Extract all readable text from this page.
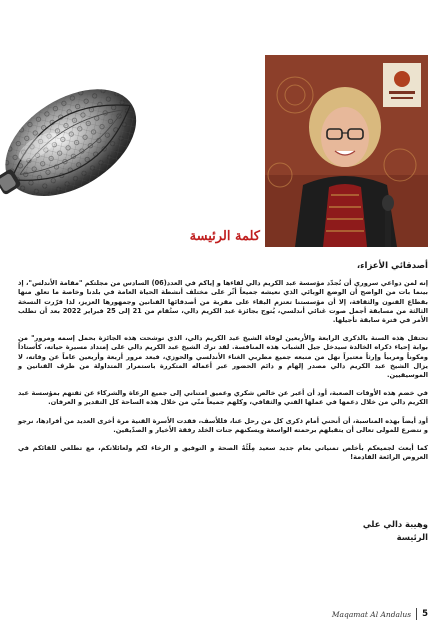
كلمة الرئيسة

أصدقائي الأعزاء،

إنه لمن دواعي سروري أن نُجدّد مؤسسة عبد الكريم دالي لقاءها و إياكم في العدد(06) السادس من مجلتكم "مقامة الأندلس"، إذ بينما بات من الواضح أن الوضع الوبائي الذي نعيشه جميعاً أثّر على مختلف أنشطة الحياة العامة في بلدنا وخاصة ما تعلق منها بقطاع الفنون والثقافة، إلا أن مؤسستنا تعتزم البقاء على مقربة من أصدقائها الفنانين وجمهورها العزيز، لذا قرّرت النسخة الثالثة من مسابقة أجمل صوت غنائي أندلسي، يُتوج بجائزة عبد الكريم دالي، ستُقام من 21 إلى 25 فبراير 2022 بعد أن تطلب الأمر في فترة سابقة تأجيلها.

تحتفل هذه السنة بالذكرى الرابعة والأربعين لوفاة الشيخ عبد الكريم دالي، الذي توشحت هذه الجائزة بحمل إسمه ومرور" من بوابة إحياء ذكراه الخالدة سيدخل جيل الشباب هذه المنافسة. لقد ترك الشيخ عبد الكريم دالي على إمتداد مسيرة حياته، كأستاذاً ومكوناً ومربياً وإرثاً معتبراً نهل من منبعه جميع مطربي الغناء الأندلسي والحوزي، فبعد مرور أربعة وأربعين عاماً عن وفاته، لا يزال الشيخ عبد الكريم دالي مصدر إلهام و دائم الحضور عبر أعماله المتكررة باستمرار المتداولة من طرف الفنانين و الموسيقيين.

في خضم هذه الأوقات الصعبة، أود أن أعبر عن خالص شكري وعميق امتناني إلى جميع الرعاة والشركاء عن ثقتهم بمؤسسة عبد الكريم دالي من خلال دعمها في عملها الفني والثقافي، وكلهم جميعاً منّي من خلال هذه الساحة كل التقدير و العرفان.

أود أيضاً بهذه المناسبة، أن أنحني أمام ذكرى كل من رحل عنا، فللأسف، فقدت الأسرة الفنية مرة أخرى العديد من أفرادها، نرجو و نتضرع للمولى تعالى أن يتقبلهم برحمته الواسعة ويسكنهم جنات الخلد رفقة الأخيار و الصدّيقين.

كما أبعث لجميعكم بأخلص تمنياتي بعام جديد سعيد مِلْئُهُ الصحة و التوفيق و الرخاء لكم ولعائلاتكم، مع تطلعي للقائكم في العروض الرائعة القادمة!

وهيبة دالي علي
الرئيسة
Maqamat Al Andalus 5
